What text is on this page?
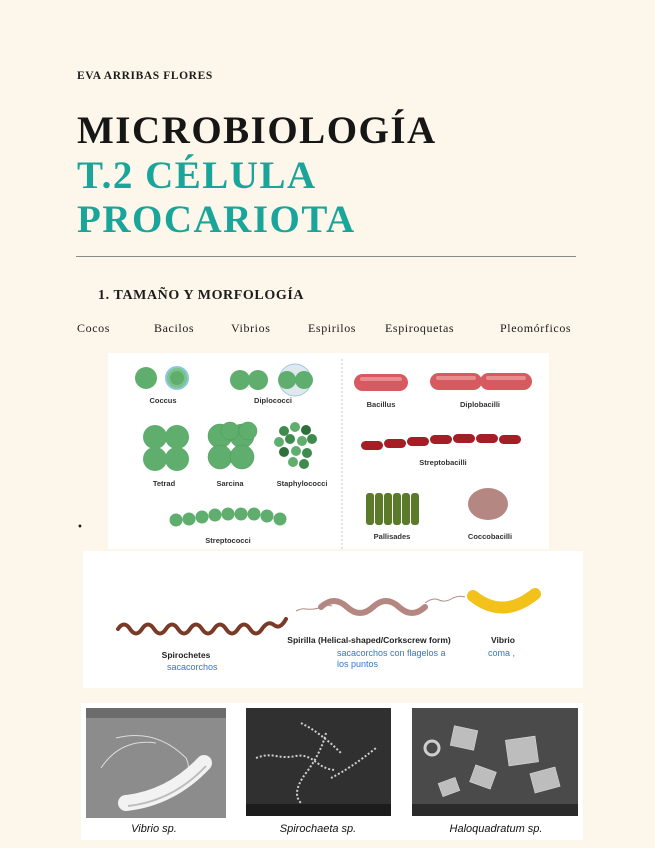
EVA ARRIBAS FLORES
MICROBIOLOGÍA
T.2 CÉLULA
PROCARIOTA
1. TAMAÑO Y MORFOLOGÍA
Cocos	Bacilos	Vibrios	Espirilos Espiroquetas	Pleomórficos
•
Coccus	Diplococci
Tetrad	Sarcina	Staphylococci
Streptococci
Bacillus	Diplobacilli
Streptobacilli
Pallisades	Coccobacilli
Spirochetes
sacacorchos
Spirilla (Helical-shaped/Corkscrew form)
sacacorchos con flagelos a los puntos
Vibrio
coma ,
Vibrio sp.	Spirochaeta sp.	Haloquadratum sp.
